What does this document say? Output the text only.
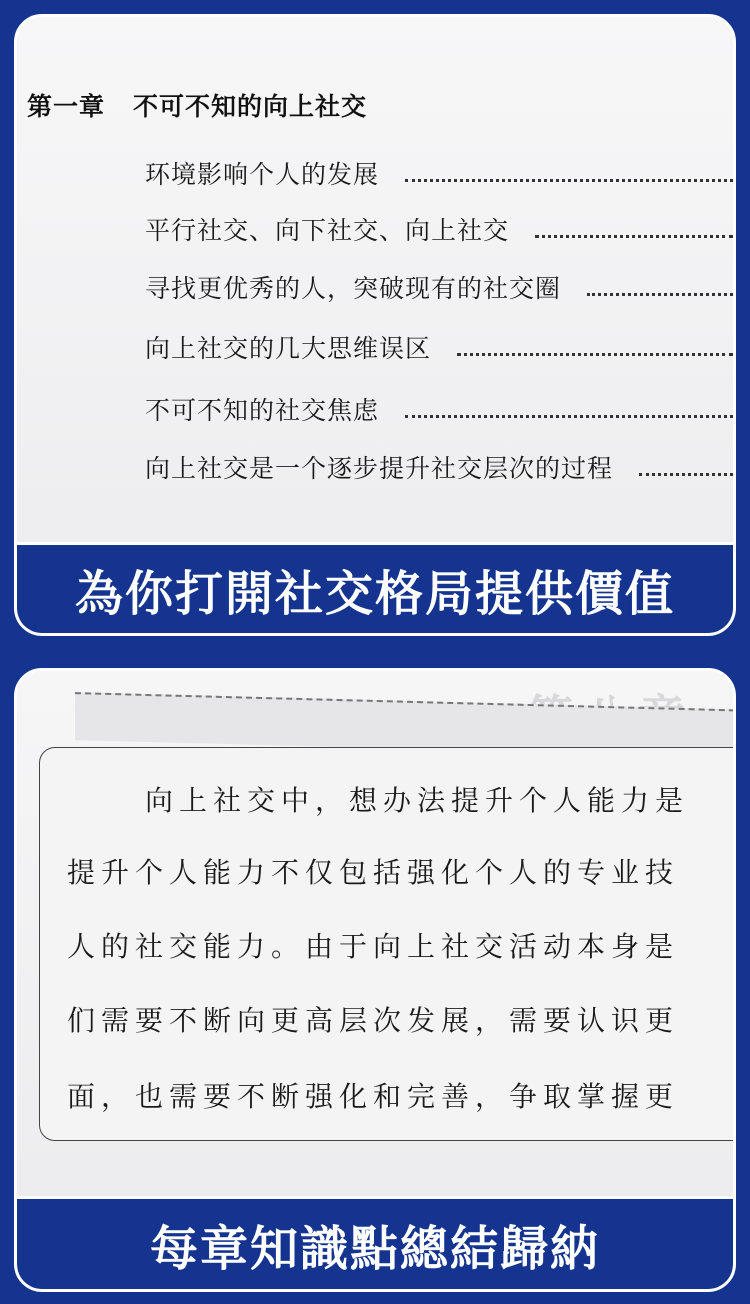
第一章 不可不知的向上社交
环境影响个人的发展
平行社交、向下社交、向上社交
寻找更优秀的人，突破现有的社交圈
向上社交的几大思维误区
不可不知的社交焦虑
向上社交是一个逐步提升社交层次的过程
為你打開社交格局提供價值
向上社交中，想办法提升个人能力是
提升个人能力不仅包括强化个人的专业技
人的社交能力。由于向上社交活动本身是
们需要不断向更高层次发展，需要认识更
面，也需要不断强化和完善，争取掌握更
每章知識點總結歸納
